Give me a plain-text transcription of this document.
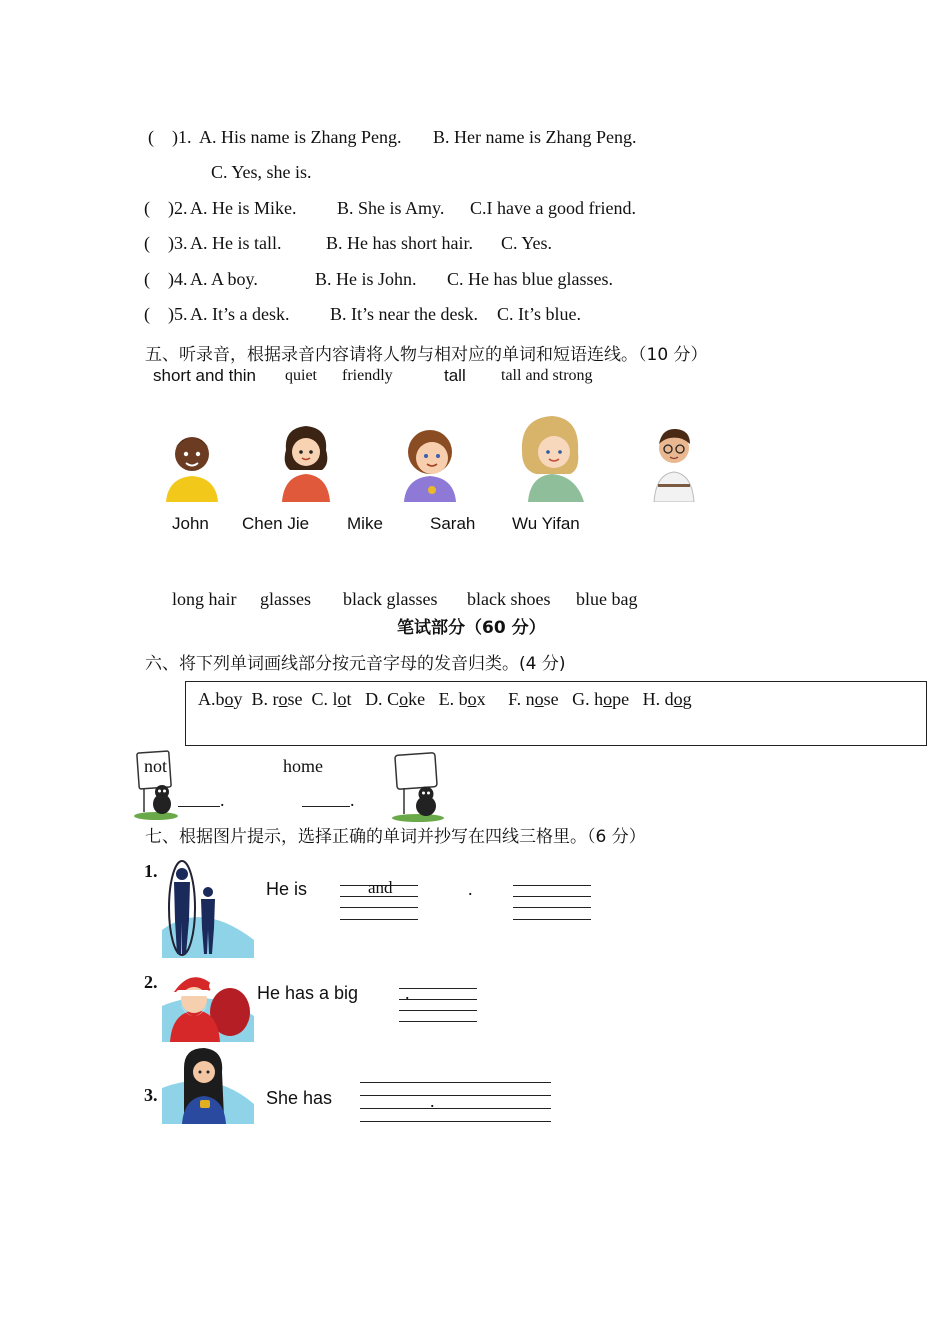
(    )1. A. His name is Zhang Peng. B. Her name is Zhang Peng.
C. Yes, she is.
(    )2. A. He is Mike. B. She is Amy. C.I have a good friend.
(    )3. A. He is tall. B. He has short hair. C. Yes.
(    )4. A. A boy.	B. He is John. C. He has blue glasses.
(    )5. A. It’s a desk. B. It’s near the desk. C. It’s blue.
五、听录音，根据录音内容请将人物与相对应的单词和短语连线。（10 分）
short and thin quiet friendly	tall tall and strong
John Chen Jie Mike	Sarah Wu Yifan
long hair glasses black glasses black shoes blue bag
笔试部分（60 分）
六、将下列单词画线部分按元音字母的发音归类。(4 分)
A.boy B. rose C. lot D. Coke E. box F. nose G. hope H. dog
not
.
home
.
七、根据图片提示，选择正确的单词并抄写在四线三格里。（6 分）
1.
He is	and	.
2.
He has a big	.
3.	She has	.
